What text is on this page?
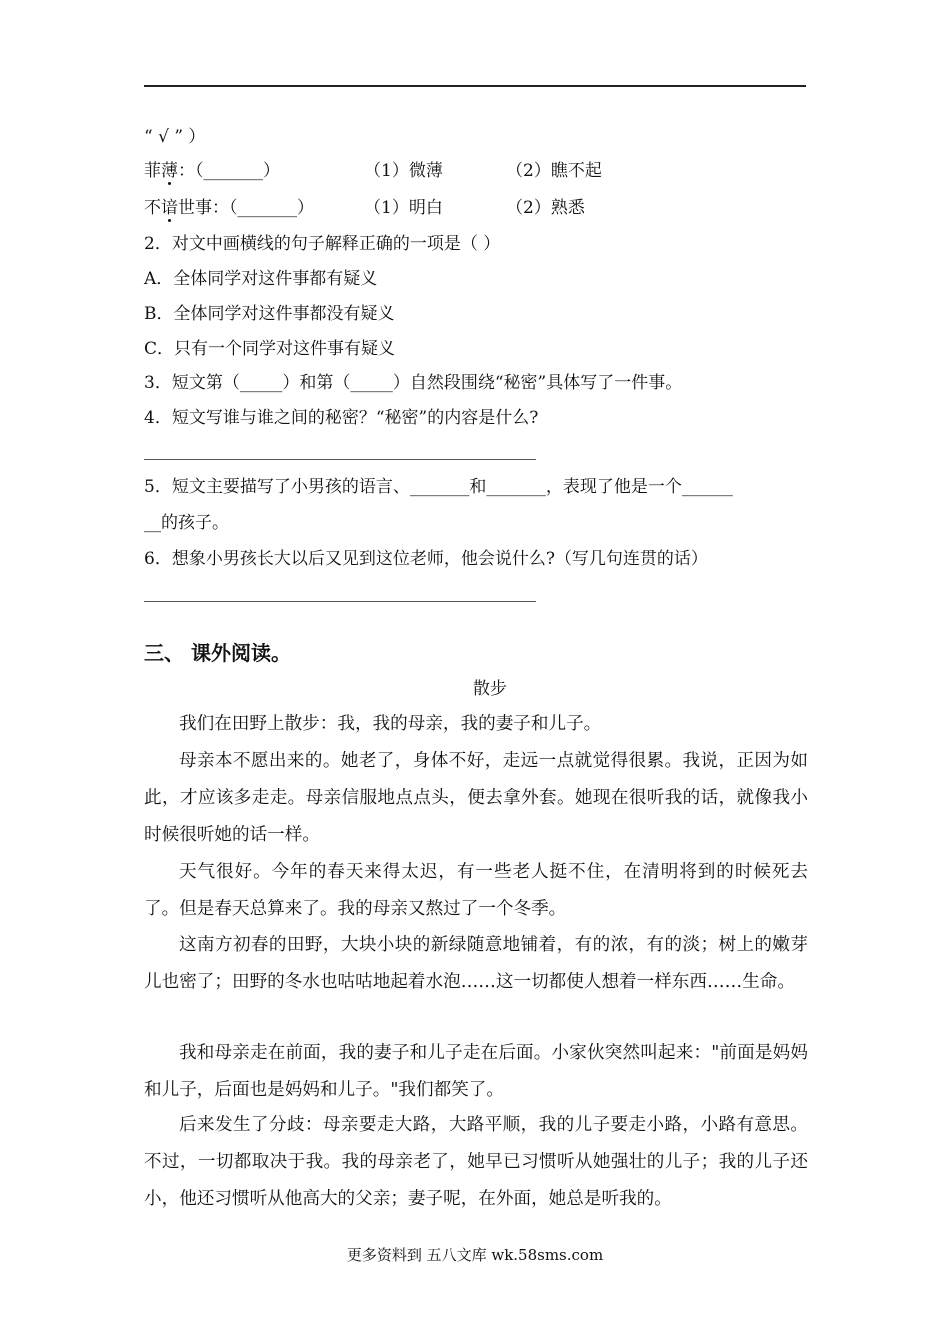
“ √ ” ）
菲薄：（_______）	（1）微薄	（2）瞧不起
不谙世事：（_______）	（1）明白	（2）熟悉
2．对文中画横线的句子解释正确的一项是（ ）
A．全体同学对这件事都有疑义
B．全体同学对这件事都没有疑义
C．只有一个同学对这件事有疑义
3．短文第（_____）和第（_____）自然段围绕“秘密”具体写了一件事。
4．短文写谁与谁之间的秘密？“秘密”的内容是什么?
5．短文主要描写了小男孩的语言、_______和_______，表现了他是一个______
__的孩子。
6．想象小男孩长大以后又见到这位老师，他会说什么?（写几句连贯的话）
三、 课外阅读。
散步
我们在田野上散步：我，我的母亲，我的妻子和儿子。
母亲本不愿出来的。她老了，身体不好，走远一点就觉得很累。我说，正因为如此，才应该多走走。母亲信服地点点头，便去拿外套。她现在很听我的话，就像我小时候很听她的话一样。
天气很好。今年的春天来得太迟，有一些老人挺不住，在清明将到的时候死去了。但是春天总算来了。我的母亲又熬过了一个冬季。
这南方初春的田野，大块小块的新绿随意地铺着，有的浓，有的淡；树上的嫩芽儿也密了；田野的冬水也咕咕地起着水泡……这一切都使人想着一样东西……生命。
我和母亲走在前面，我的妻子和儿子走在后面。小家伙突然叫起来："前面是妈妈和儿子，后面也是妈妈和儿子。"我们都笑了。
后来发生了分歧：母亲要走大路，大路平顺，我的儿子要走小路，小路有意思。不过，一切都取决于我。我的母亲老了，她早已习惯听从她强壮的儿子；我的儿子还小，他还习惯听从他高大的父亲；妻子呢，在外面，她总是听我的。
更多资料到 五八文库 wk.58sms.com
